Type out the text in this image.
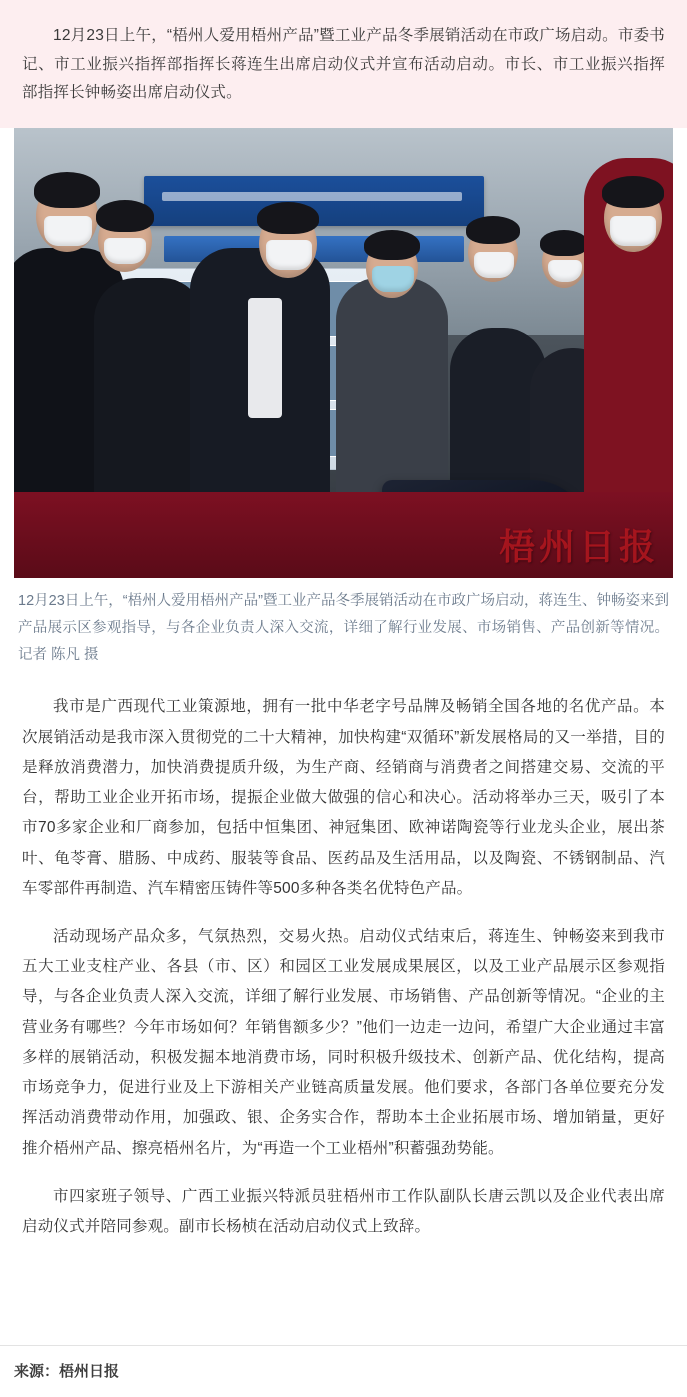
12月23日上午，“梧州人爱用梧州产品”暨工业产品冬季展销活动在市政广场启动。市委书记、市工业振兴指挥部指挥长蒋连生出席启动仪式并宣布活动启动。市长、市工业振兴指挥部指挥长钟畅姿出席启动仪式。

梧州日报

12月23日上午，“梧州人爱用梧州产品”暨工业产品冬季展销活动在市政广场启动，蒋连生、钟畅姿来到产品展示区参观指导，与各企业负责人深入交流，详细了解行业发展、市场销售、产品创新等情况。记者 陈凡 摄

我市是广西现代工业策源地，拥有一批中华老字号品牌及畅销全国各地的名优产品。本次展销活动是我市深入贯彻党的二十大精神，加快构建“双循环”新发展格局的又一举措，目的是释放消费潜力，加快消费提质升级，为生产商、经销商与消费者之间搭建交易、交流的平台，帮助工业企业开拓市场，提振企业做大做强的信心和决心。活动将举办三天，吸引了本市70多家企业和厂商参加，包括中恒集团、神冠集团、欧神诺陶瓷等行业龙头企业，展出茶叶、龟苓膏、腊肠、中成药、服装等食品、医药品及生活用品，以及陶瓷、不锈钢制品、汽车零部件再制造、汽车精密压铸件等500多种各类名优特色产品。

活动现场产品众多，气氛热烈，交易火热。启动仪式结束后，蒋连生、钟畅姿来到我市五大工业支柱产业、各县（市、区）和园区工业发展成果展区，以及工业产品展示区参观指导，与各企业负责人深入交流，详细了解行业发展、市场销售、产品创新等情况。“企业的主营业务有哪些？今年市场如何？年销售额多少？”他们一边走一边问，希望广大企业通过丰富多样的展销活动，积极发掘本地消费市场，同时积极升级技术、创新产品、优化结构，提高市场竞争力，促进行业及上下游相关产业链高质量发展。他们要求，各部门各单位要充分发挥活动消费带动作用，加强政、银、企务实合作，帮助本土企业拓展市场、增加销量，更好推介梧州产品、擦亮梧州名片，为“再造一个工业梧州”积蓄强劲势能。

市四家班子领导、广西工业振兴特派员驻梧州市工作队副队长唐云凯以及企业代表出席启动仪式并陪同参观。副市长杨桢在活动启动仪式上致辞。

来源：梧州日报
